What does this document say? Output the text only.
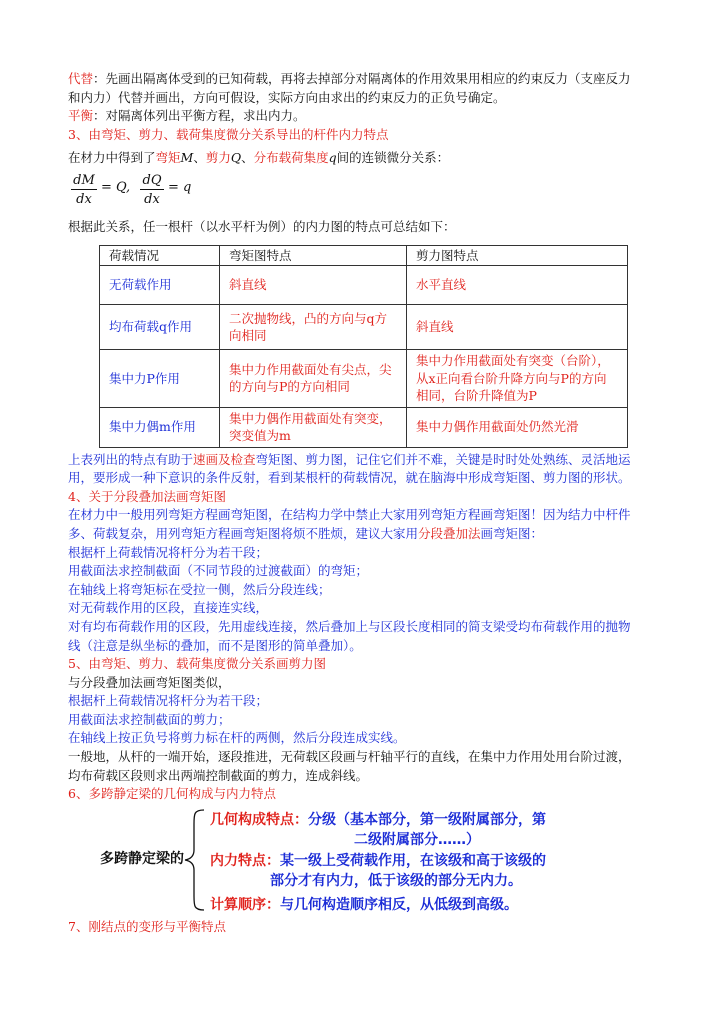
代替：先画出隔离体受到的已知荷载，再将去掉部分对隔离体的作用效果用相应的约束反力（支座反力
和内力）代替并画出，方向可假设，实际方向由求出的约束反力的正负号确定。
平衡：对隔离体列出平衡方程，求出内力。
3、由弯矩、剪力、载荷集度微分关系导出的杆件内力特点
在材力中得到了弯矩M、剪力Q、分布载荷集度q间的连锁微分关系：
dM
dx
= Q, dQ
dx
= q
根据此关系，任一根杆（以水平杆为例）的内力图的特点可总结如下：
荷载情况	弯矩图特点	剪力图特点
无荷载作用	斜直线	水平直线
均布荷载q作用	二次抛物线，凸的方向与q方向相同	斜直线
集中力P作用	集中力作用截面处有尖点，尖的方向与P的方向相同	集中力作用截面处有突变（台阶），从x正向看台阶升降方向与P的方向相同，台阶升降值为P
集中力偶m作用	集中力偶作用截面处有突变，突变值为m	集中力偶作用截面处仍然光滑
上表列出的特点有助于速画及检查弯矩图、剪力图，记住它们并不难，关键是时时处处熟练、灵活地运
用，要形成一种下意识的条件反射，看到某根杆的荷载情况，就在脑海中形成弯矩图、剪力图的形状。
4、关于分段叠加法画弯矩图
在材力中一般用列弯矩方程画弯矩图，在结构力学中禁止大家用列弯矩方程画弯矩图！因为结力中杆件
多、荷载复杂，用列弯矩方程画弯矩图将烦不胜烦，建议大家用分段叠加法画弯矩图：
根据杆上荷载情况将杆分为若干段；
用截面法求控制截面（不同节段的过渡截面）的弯矩；
在轴线上将弯矩标在受拉一侧，然后分段连线；
对无荷载作用的区段，直接连实线，
对有均布荷载作用的区段，先用虚线连接，然后叠加上与区段长度相同的简支梁受均布荷载作用的抛物
线（注意是纵坐标的叠加，而不是图形的简单叠加）。
5、由弯矩、剪力、载荷集度微分关系画剪力图
与分段叠加法画弯矩图类似，
根据杆上荷载情况将杆分为若干段；
用截面法求控制截面的剪力；
在轴线上按正负号将剪力标在杆的两侧，然后分段连成实线。
一般地，从杆的一端开始，逐段推进，无荷载区段画与杆轴平行的直线，在集中力作用处用台阶过渡，
均布荷载区段则求出两端控制截面的剪力，连成斜线。
6、多跨静定梁的几何构成与内力特点
多跨静定梁的
几何构成特点：分级（基本部分，第一级附属部分，第
二级附属部分……）
内力特点：某一级上受荷载作用，在该级和高于该级的
部分才有内力，低于该级的部分无内力。
计算顺序：与几何构造顺序相反，从低级到高级。
7、刚结点的变形与平衡特点
